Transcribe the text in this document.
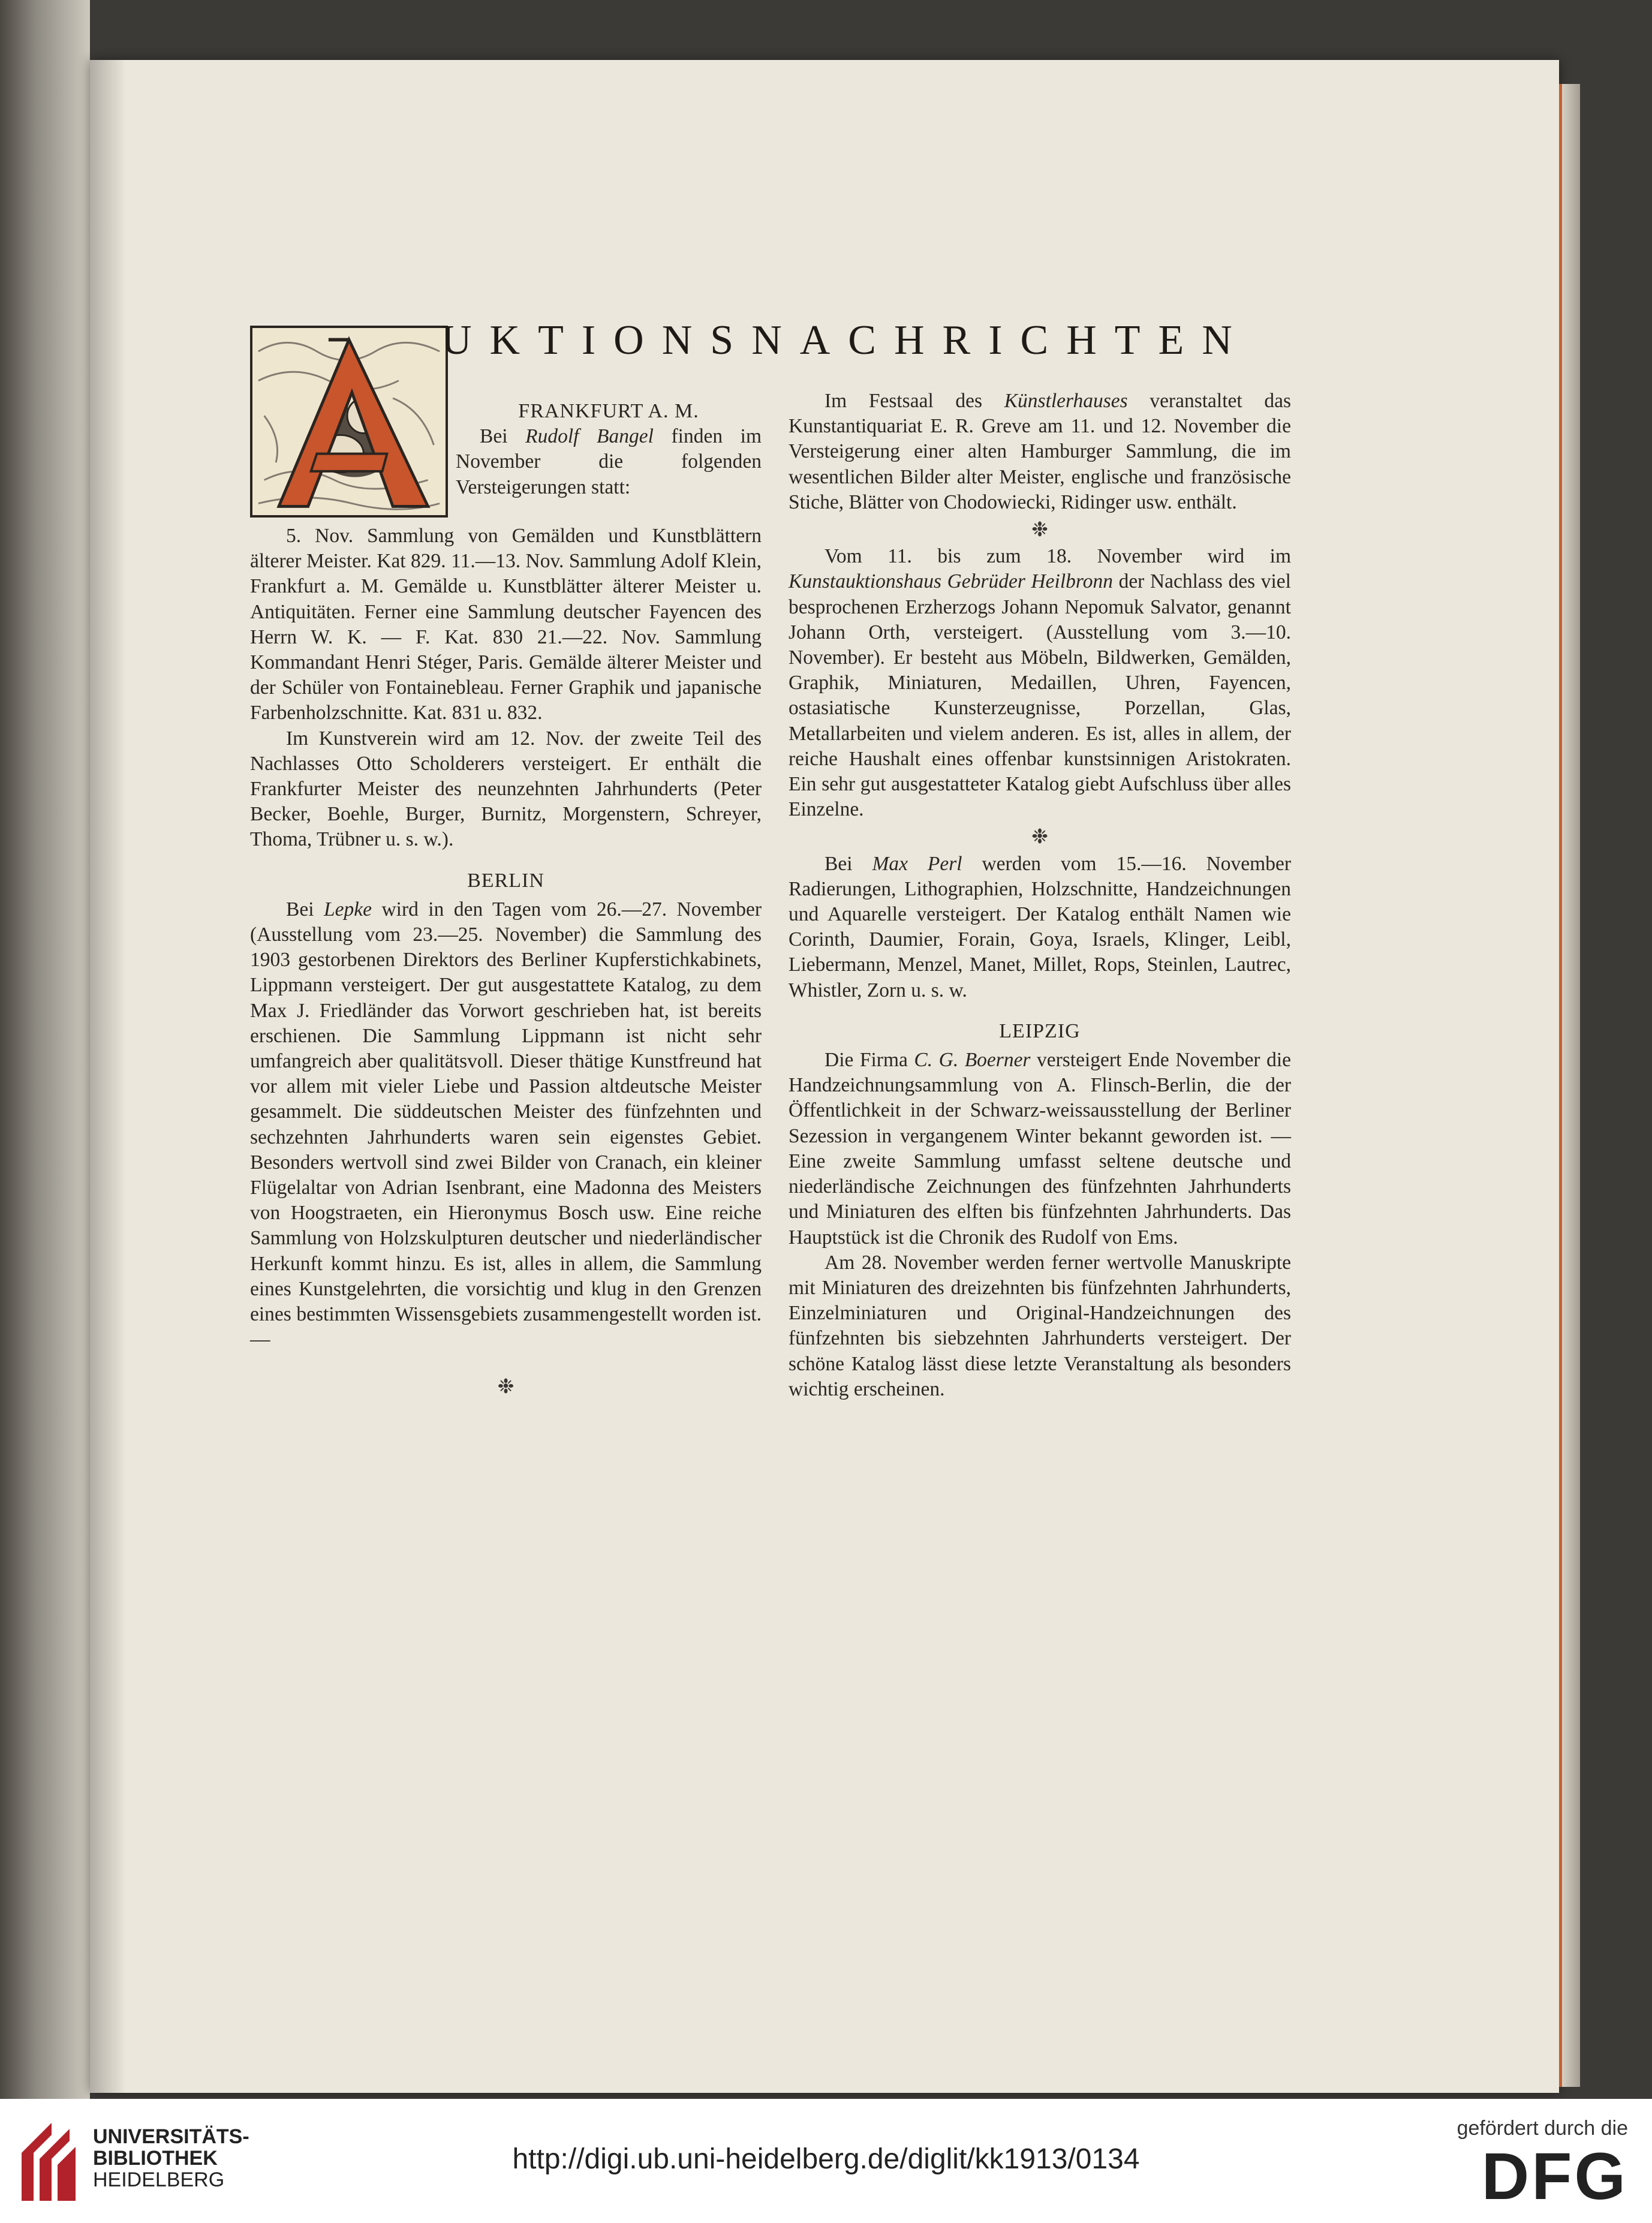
UKTIONSNACHRICHTEN
FRANKFURT A. M.

Bei Rudolf Bangel finden im November die folgenden Versteigerungen statt:

5. Nov. Sammlung von Gemälden und Kunstblättern älterer Meister. Kat 829. 11.—13. Nov. Sammlung Adolf Klein, Frankfurt a. M. Gemälde u. Kunstblätter älterer Meister u. Antiquitäten. Ferner eine Sammlung deutscher Fayencen des Herrn W. K. — F. Kat. 830 21.—22. Nov. Sammlung Kommandant Henri Stéger, Paris. Gemälde älterer Meister und der Schüler von Fontainebleau. Ferner Graphik und japanische Farbenholzschnitte. Kat. 831 u. 832.

Im Kunstverein wird am 12. Nov. der zweite Teil des Nachlasses Otto Scholderers versteigert. Er enthält die Frankfurter Meister des neunzehnten Jahrhunderts (Peter Becker, Boehle, Burger, Burnitz, Morgenstern, Schreyer, Thoma, Trübner u. s. w.).

BERLIN

Bei Lepke wird in den Tagen vom 26.—27. November (Ausstellung vom 23.—25. November) die Sammlung des 1903 gestorbenen Direktors des Berliner Kupferstichkabinets, Lippmann versteigert. Der gut ausgestattete Katalog, zu dem Max J. Friedländer das Vorwort geschrieben hat, ist bereits erschienen. Die Sammlung Lippmann ist nicht sehr umfangreich aber qualitätsvoll. Dieser thätige Kunstfreund hat vor allem mit vieler Liebe und Passion altdeutsche Meister gesammelt. Die süddeutschen Meister des fünfzehnten und sechzehnten Jahrhunderts waren sein eigenstes Gebiet. Besonders wertvoll sind zwei Bilder von Cranach, ein kleiner Flügelaltar von Adrian Isenbrant, eine Madonna des Meisters von Hoogstraeten, ein Hieronymus Bosch usw. Eine reiche Sammlung von Holzskulpturen deutscher und niederländischer Herkunft kommt hinzu. Es ist, alles in allem, die Sammlung eines Kunstgelehrten, die vorsichtig und klug in den Grenzen eines bestimmten Wissensgebiets zusammengestellt worden ist. —

❉

Im Festsaal des Künstlerhauses veranstaltet das Kunstantiquariat E. R. Greve am 11. und 12. November die Versteigerung einer alten Hamburger Sammlung, die im wesentlichen Bilder alter Meister, englische und französische Stiche, Blätter von Chodowiecki, Ridinger usw. enthält.

❉

Vom 11. bis zum 18. November wird im Kunstauktionshaus Gebrüder Heilbronn der Nachlass des viel besprochenen Erzherzogs Johann Nepomuk Salvator, genannt Johann Orth, versteigert. (Ausstellung vom 3.—10. November). Er besteht aus Möbeln, Bildwerken, Gemälden, Graphik, Miniaturen, Medaillen, Uhren, Fayencen, ostasiatische Kunsterzeugnisse, Porzellan, Glas, Metallarbeiten und vielem anderen. Es ist, alles in allem, der reiche Haushalt eines offenbar kunstsinnigen Aristokraten. Ein sehr gut ausgestatteter Katalog giebt Aufschluss über alles Einzelne.

❉

Bei Max Perl werden vom 15.—16. November Radierungen, Lithographien, Holzschnitte, Handzeichnungen und Aquarelle versteigert. Der Katalog enthält Namen wie Corinth, Daumier, Forain, Goya, Israels, Klinger, Leibl, Liebermann, Menzel, Manet, Millet, Rops, Steinlen, Lautrec, Whistler, Zorn u. s. w.

LEIPZIG

Die Firma C. G. Boerner versteigert Ende November die Handzeichnungsammlung von A. Flinsch-Berlin, die der Öffentlichkeit in der Schwarz-weissausstellung der Berliner Sezession in vergangenem Winter bekannt geworden ist. — Eine zweite Sammlung umfasst seltene deutsche und niederländische Zeichnungen des fünfzehnten Jahrhunderts und Miniaturen des elften bis fünfzehnten Jahrhunderts. Das Hauptstück ist die Chronik des Rudolf von Ems.

Am 28. November werden ferner wertvolle Manuskripte mit Miniaturen des dreizehnten bis fünfzehnten Jahrhunderts, Einzelminiaturen und Original-Handzeichnungen des fünfzehnten bis siebzehnten Jahrhunderts versteigert. Der schöne Katalog lässt diese letzte Veranstaltung als besonders wichtig erscheinen.

UNIVERSITÄTS-
BIBLIOTHEK
HEIDELBERG
http://digi.ub.uni-heidelberg.de/diglit/kk1913/0134
gefördert durch die
DFG
